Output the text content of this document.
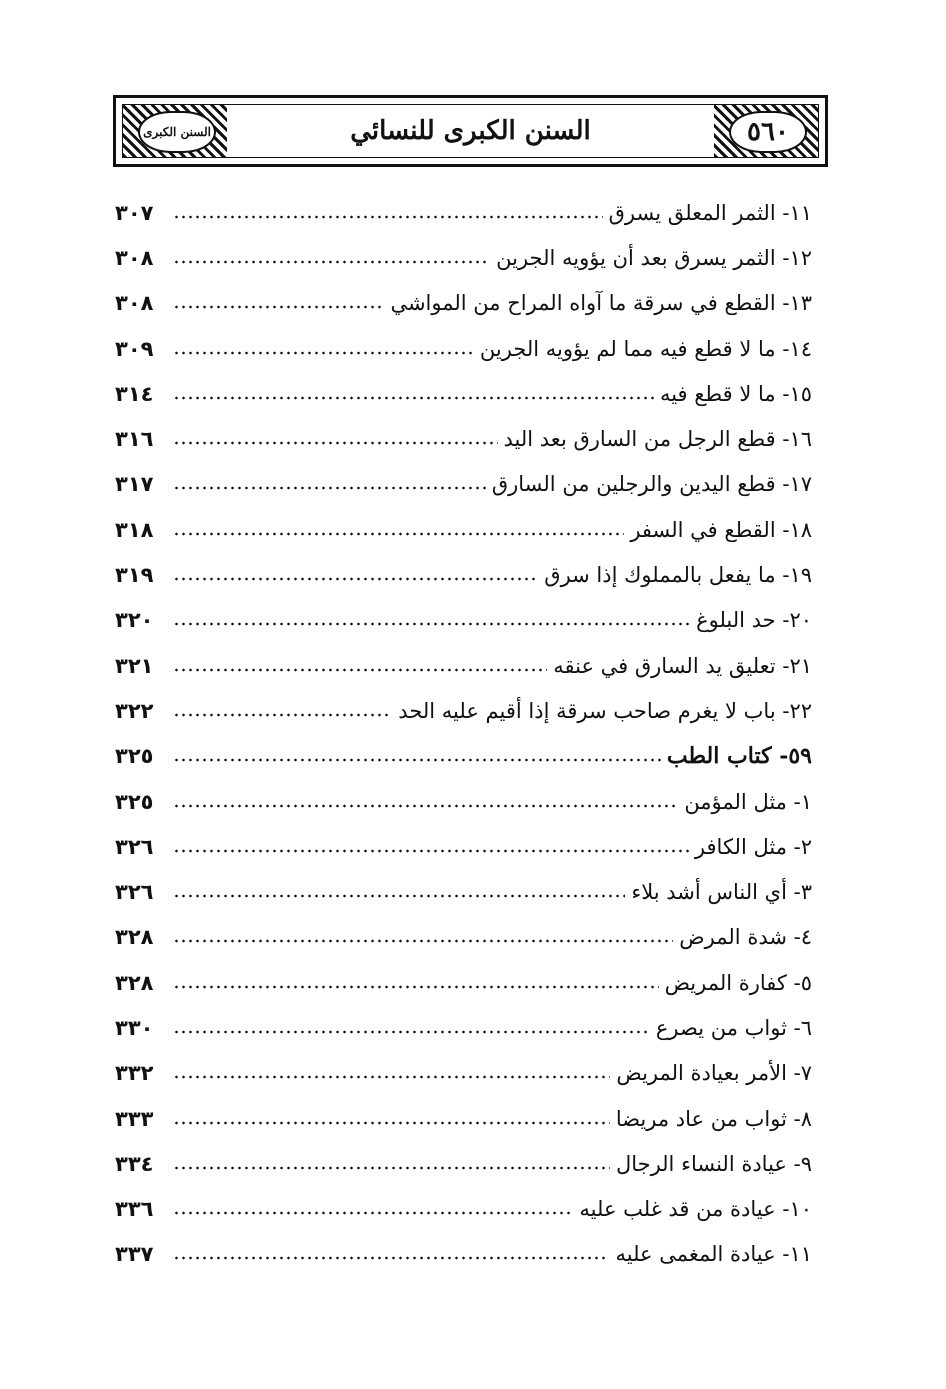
السنن الكبرى	السنن الكبرى للنسائي	٥٦٠
٣٠٧	١١- الثمر المعلق يسرق
٣٠٨	١٢- الثمر يسرق بعد أن يؤويه الجرين
٣٠٨	١٣- القطع في سرقة ما آواه المراح من المواشي
٣٠٩	١٤- ما لا قطع فيه مما لم يؤويه الجرين
٣١٤	١٥- ما لا قطع فيه
٣١٦	١٦- قطع الرجل من السارق بعد اليد
٣١٧	١٧- قطع اليدين والرجلين من السارق
٣١٨	١٨- القطع في السفر
٣١٩	١٩- ما يفعل بالمملوك إذا سرق
٣٢٠	٢٠- حد البلوغ
٣٢١	٢١- تعليق يد السارق في عنقه
٣٢٢	٢٢- باب لا يغرم صاحب سرقة إذا أقيم عليه الحد
٣٢٥	٥٩- كتاب الطب
٣٢٥	١- مثل المؤمن
٣٢٦	٢- مثل الكافر
٣٢٦	٣- أي الناس أشد بلاء
٣٢٨	٤- شدة المرض
٣٢٨	٥- كفارة المريض
٣٣٠	٦- ثواب من يصرع
٣٣٢	٧- الأمر بعيادة المريض
٣٣٣	٨- ثواب من عاد مريضا
٣٣٤	٩- عيادة النساء الرجال
٣٣٦	١٠- عيادة من قد غلب عليه
٣٣٧	١١- عيادة المغمى عليه
